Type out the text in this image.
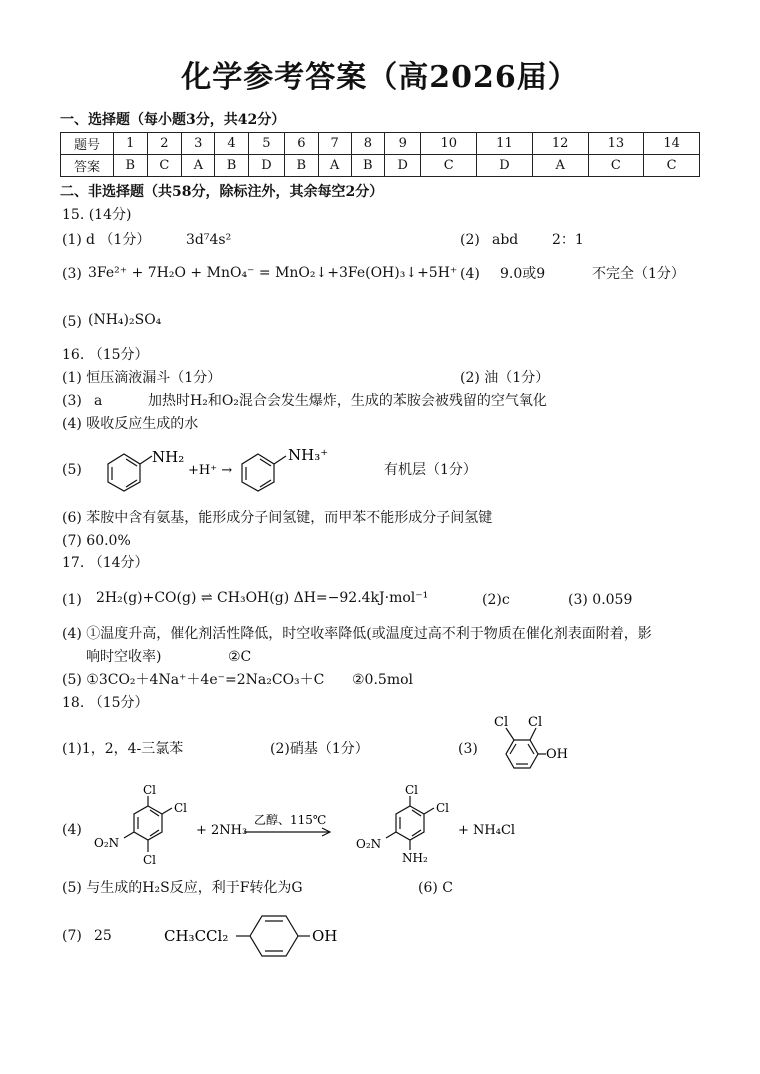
化学参考答案（高2026届）
一、选择题（每小题3分，共42分）
题号	1	2	3	4	5	6	7	8	9	10	11	12	13	14
答案	B	C	A	B	D	B	A	B	D	C	D	A	C	C
二、非选择题（共58分，除标注外，其余每空2分）
15. (14分)
(1) d （1分）	3d⁷4s²	(2) abd 2：1
(3) 3Fe²⁺ + 7H₂O + MnO₄⁻ = MnO₂↓+3Fe(OH)₃↓+5H⁺ (4) 9.0或9	不完全（1分）
(5) (NH₄)₂SO₄
16. （15分）
(1) 恒压滴液漏斗（1分）	(2) 油（1分）
(3) a	加热时H₂和O₂混合会发生爆炸，生成的苯胺会被残留的空气氧化
(4) 吸收反应生成的水
(5)
NH₂
+H⁺ →
NH₃⁺
有机层（1分）
(6) 苯胺中含有氨基，能形成分子间氢键，而甲苯不能形成分子间氢键
(7) 60.0%
17. （14分）
(1) 2H₂(g)+CO(g) ⇌ CH₃OH(g) ΔH=−92.4kJ·mol⁻¹	(2)c	(3) 0.059
(4) ①温度升高，催化剂活性降低，时空收率降低(或温度过高不利于物质在催化剂表面附着，影
响时空收率)	②C
(5) ①3CO₂＋4Na⁺＋4e⁻=2Na₂CO₃＋C ②0.5mol
18. （15分）
(1)1，2，4-三氯苯	(2)硝基（1分）	(3)
Cl Cl
OH
(4)
Cl
Cl
O₂N
Cl
+ 2NH₃
乙醇、115℃
Cl
Cl
O₂N
NH₂
+ NH₄Cl
(5) 与生成的H₂S反应，利于F转化为G	(6) C
(7) 25	CH₃CCl₂	OH
